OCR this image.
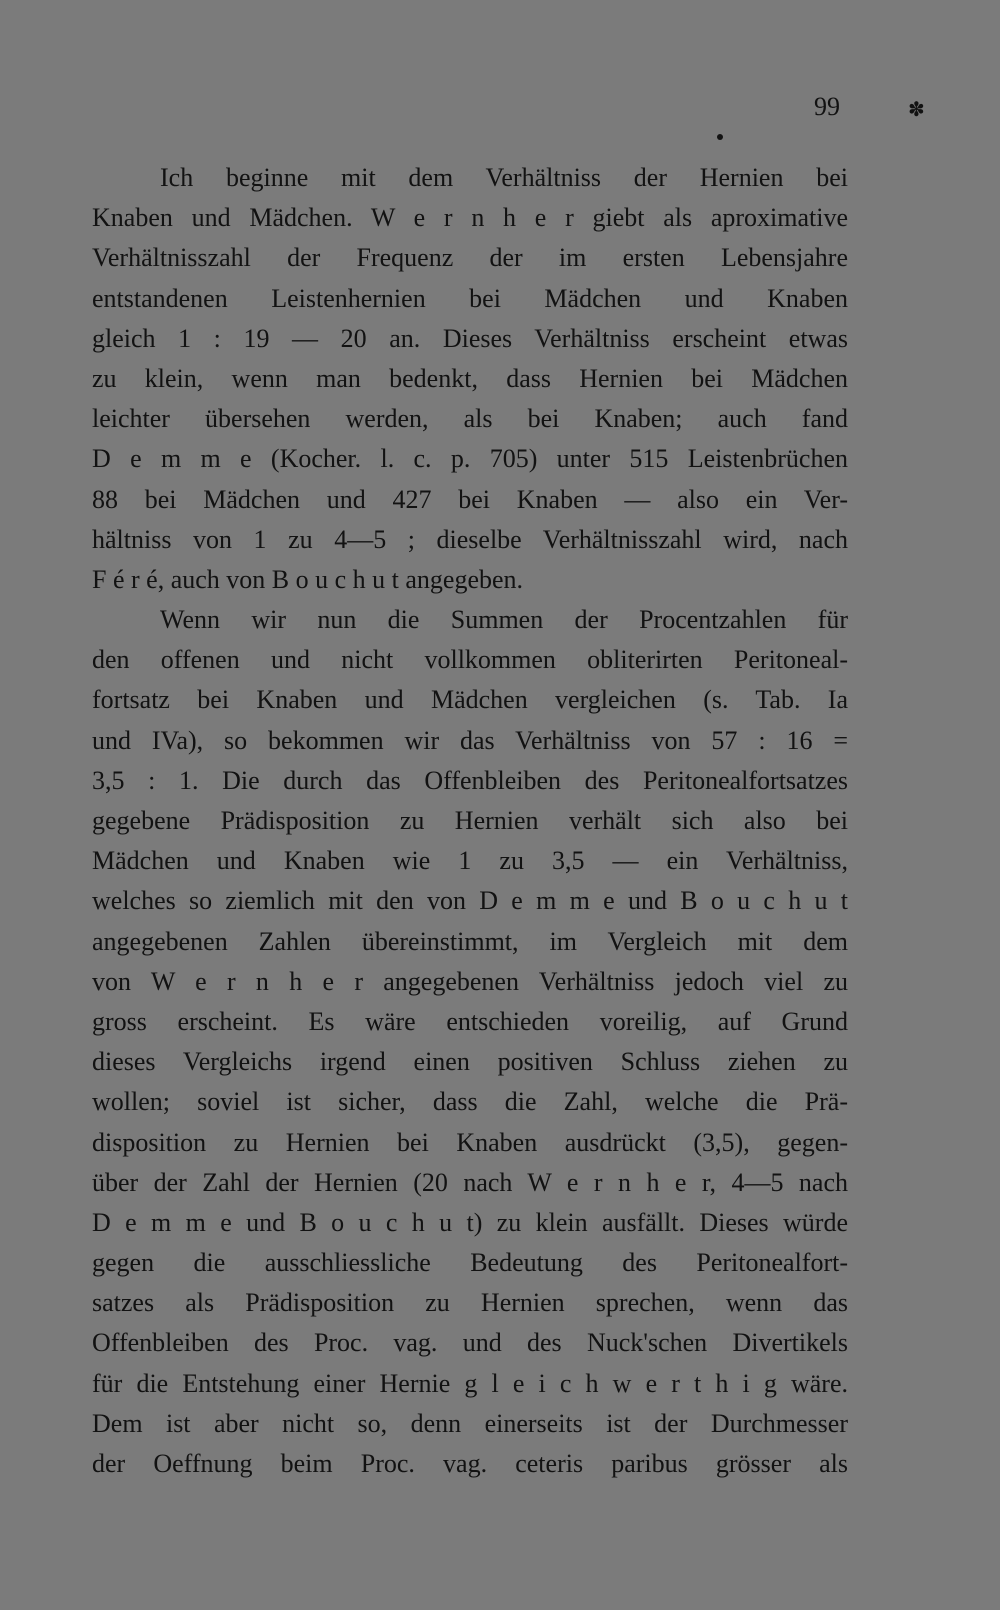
99	✽
Ich beginne mit dem Verhältniss der Hernien bei
Knaben und Mädchen. W e r n h e r giebt als aproximative
Verhältnisszahl der Frequenz der im ersten Lebensjahre
entstandenen Leistenhernien bei Mädchen und Knaben
gleich 1 : 19 — 20 an. Dieses Verhältniss erscheint etwas
zu klein, wenn man bedenkt, dass Hernien bei Mädchen
leichter übersehen werden, als bei Knaben; auch fand
D e m m e (Kocher. l. c. p. 705) unter 515 Leistenbrüchen
88 bei Mädchen und 427 bei Knaben — also ein Ver-
hältniss von 1 zu 4—5 ; dieselbe Verhältnisszahl wird, nach
F é r é, auch von B o u c h u t angegeben.
Wenn wir nun die Summen der Procentzahlen für
den offenen und nicht vollkommen obliterirten Peritoneal-
fortsatz bei Knaben und Mädchen vergleichen (s. Tab. Ia
und IVa), so bekommen wir das Verhältniss von 57 : 16 =
3,5 : 1. Die durch das Offenbleiben des Peritonealfortsatzes
gegebene Prädisposition zu Hernien verhält sich also bei
Mädchen und Knaben wie 1 zu 3,5 — ein Verhältniss,
welches so ziemlich mit den von D e m m e und B o u c h u t
angegebenen Zahlen übereinstimmt, im Vergleich mit dem
von W e r n h e r angegebenen Verhältniss jedoch viel zu
gross erscheint. Es wäre entschieden voreilig, auf Grund
dieses Vergleichs irgend einen positiven Schluss ziehen zu
wollen; soviel ist sicher, dass die Zahl, welche die Prä-
disposition zu Hernien bei Knaben ausdrückt (3,5), gegen-
über der Zahl der Hernien (20 nach W e r n h e r, 4—5 nach
D e m m e und B o u c h u t) zu klein ausfällt. Dieses würde
gegen die ausschliessliche Bedeutung des Peritonealfort-
satzes als Prädisposition zu Hernien sprechen, wenn das
Offenbleiben des Proc. vag. und des Nuck'schen Divertikels
für die Entstehung einer Hernie g l e i c h w e r t h i g wäre.
Dem ist aber nicht so, denn einerseits ist der Durchmesser
der Oeffnung beim Proc. vag. ceteris paribus grösser als
